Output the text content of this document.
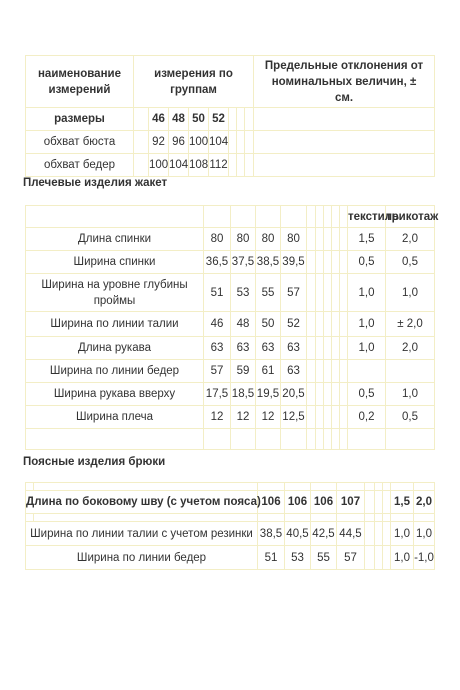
наименование измерений	измерения по группам								Предельные отклонения от номинальных величин, ± см.
размеры		46	48	50	52				
обхват бюста		92	96	100	104				
обхват бедер		100	104	108	112				
Плечевые изделия жакет
										текстиль	трикотаж
Длина спинки	80	80	80	80						1,5	2,0
Ширина спинки	36,5	37,5	38,5	39,5						0,5	0,5
Ширина на уровне глубины проймы	51	53	55	57						1,0	1,0
Ширина по линии талии	46	48	50	52						1,0	± 2,0
Длина рукава	63	63	63	63						1,0	2,0
Ширина по линии бедер	57	59	61	63							
Ширина рукава вверху	17,5	18,5	19,5	20,5						0,5	1,0
Ширина плеча	12	12	12	12,5						0,2	0,5

Поясные изделия брюки

Длина по боковому шву (с учетом пояса)		106	106	106	107				1,5	2,0

Ширина по линии талии с учетом резинки		38,5	40,5	42,5	44,5				1,0	1,0
Ширина по линии бедер		51	53	55	57				1,0	-1,0
